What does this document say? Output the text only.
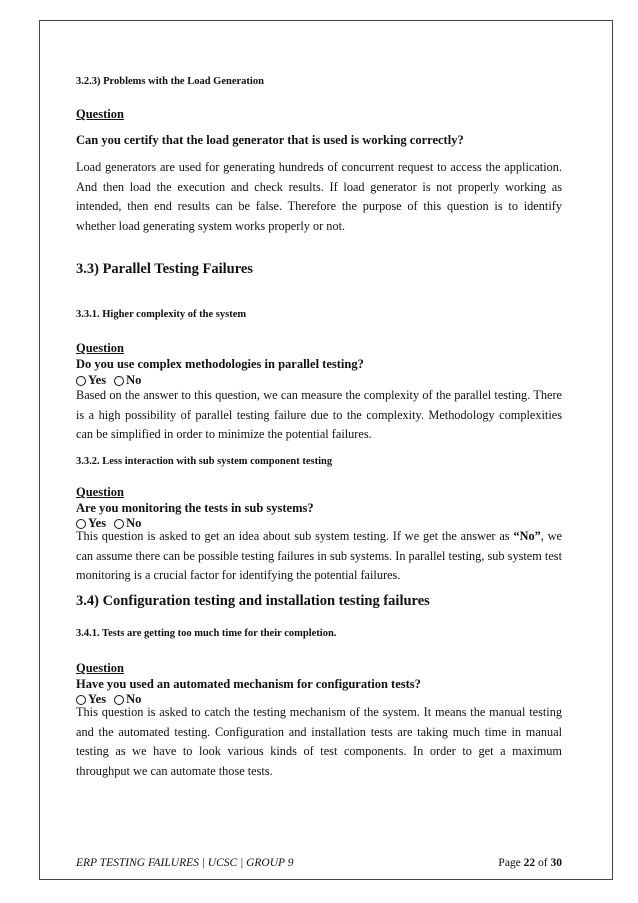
3.2.3) Problems with the Load Generation
Question
Can you certify that the load generator that is used is working correctly?
Load generators are used for generating hundreds of concurrent request to access the application. And then load the execution and check results. If load generator is not properly working as intended, then end results can be false. Therefore the purpose of this question is to identify whether load generating system works properly or not.
3.3) Parallel Testing Failures
3.3.1. Higher complexity of the system
Question
Do you use complex methodologies in parallel testing?
Yes No
Based on the answer to this question, we can measure the complexity of the parallel testing. There is a high possibility of parallel testing failure due to the complexity. Methodology complexities can be simplified in order to minimize the potential failures.
3.3.2. Less interaction with sub system component testing
Question
Are you monitoring the tests in sub systems?
Yes No
This question is asked to get an idea about sub system testing. If we get the answer as “No”, we can assume there can be possible testing failures in sub systems. In parallel testing, sub system test monitoring is a crucial factor for identifying the potential failures.
3.4) Configuration testing and installation testing failures
3.4.1. Tests are getting too much time for their completion.
Question
Have you used an automated mechanism for configuration tests?
Yes No
This question is asked to catch the testing mechanism of the system. It means the manual testing and the automated testing. Configuration and installation tests are taking much time in manual testing as we have to look various kinds of test components. In order to get a maximum throughput we can automate those tests.
ERP TESTING FAILURES | UCSC | GROUP 9	Page 22 of 30
